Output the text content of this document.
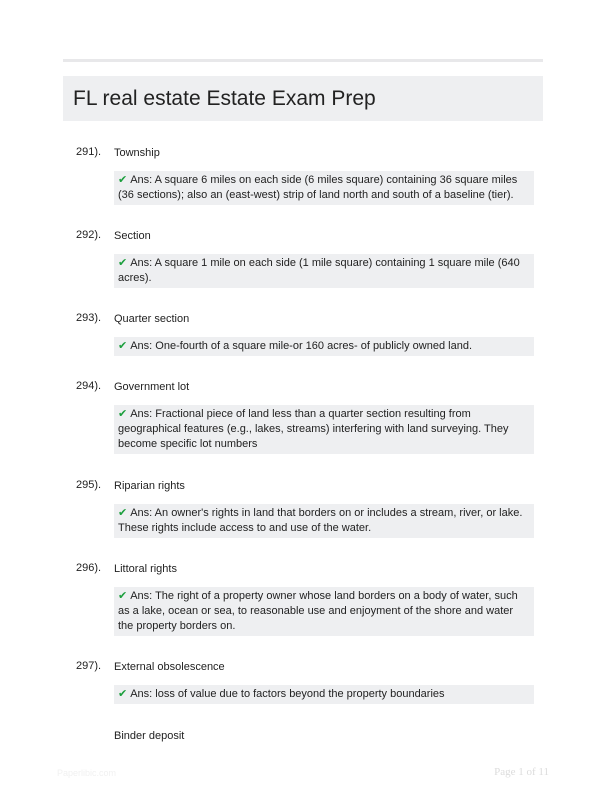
FL real estate Estate Exam Prep
291). Township
✔ Ans: A square 6 miles on each side (6 miles square) containing 36 square miles (36 sections); also an (east-west) strip of land north and south of a baseline (tier).
292). Section
✔ Ans: A square 1 mile on each side (1 mile square) containing 1 square mile (640 acres).
293). Quarter section
✔ Ans: One-fourth of a square mile-or 160 acres- of publicly owned land.
294). Government lot
✔ Ans: Fractional piece of land less than a quarter section resulting from geographical features (e.g., lakes, streams) interfering with land surveying. They become specific lot numbers
295). Riparian rights
✔ Ans: An owner's rights in land that borders on or includes a stream, river, or lake. These rights include access to and use of the water.
296). Littoral rights
✔ Ans: The right of a property owner whose land borders on a body of water, such as a lake, ocean or sea, to reasonable use and enjoyment of the shore and water the property borders on.
297). External obsolescence
✔ Ans: loss of value due to factors beyond the property boundaries
Binder deposit
Paperlibic.com	Page 1 of 11
